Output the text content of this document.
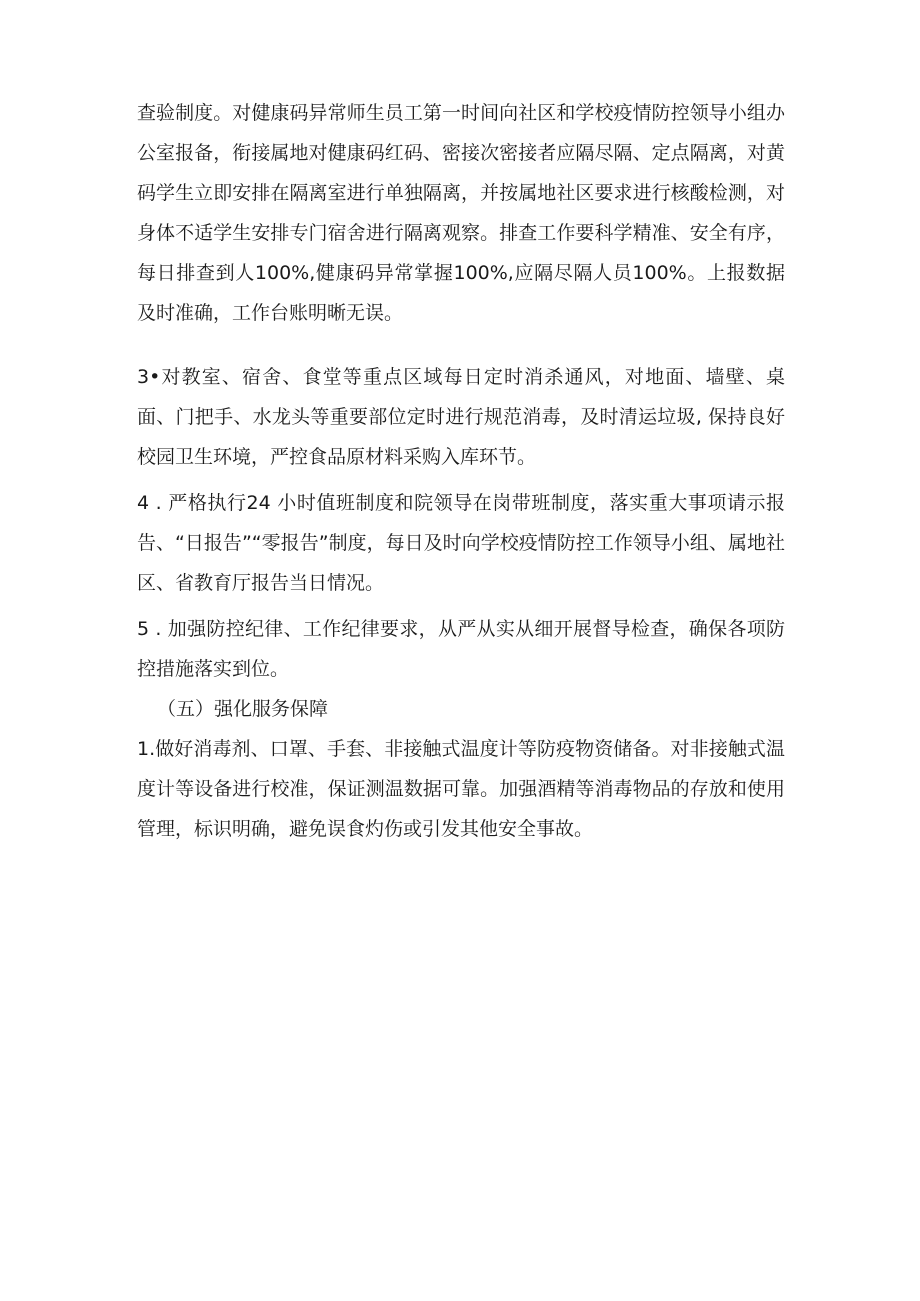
查验制度。对健康码异常师生员工第一时间向社区和学校疫情防控领导小组办公室报备，衔接属地对健康码红码、密接次密接者应隔尽隔、定点隔离，对黄码学生立即安排在隔离室进行单独隔离，并按属地社区要求进行核酸检测，对身体不适学生安排专门宿舍进行隔离观察。排查工作要科学精准、安全有序，每日排查到人100%,健康码异常掌握100%,应隔尽隔人员100%。上报数据及时准确，工作台账明晰无误。

3•对教室、宿舍、食堂等重点区域每日定时消杀通风，对地面、墙壁、桌面、门把手、水龙头等重要部位定时进行规范消毒，及时清运垃圾, 保持良好校园卫生环境，严控食品原材料采购入库环节。

4 . 严格执行24 小时值班制度和院领导在岗带班制度，落实重大事项请示报告、“日报告”“零报告”制度，每日及时向学校疫情防控工作领导小组、属地社区、省教育厅报告当日情况。

5 . 加强防控纪律、工作纪律要求，从严从实从细开展督导检查，确保各项防控措施落实到位。

（五）强化服务保障

1.做好消毒剂、口罩、手套、非接触式温度计等防疫物资储备。对非接触式温度计等设备进行校准，保证测温数据可靠。加强酒精等消毒物品的存放和使用管理，标识明确，避免误食灼伤或引发其他安全事故。
